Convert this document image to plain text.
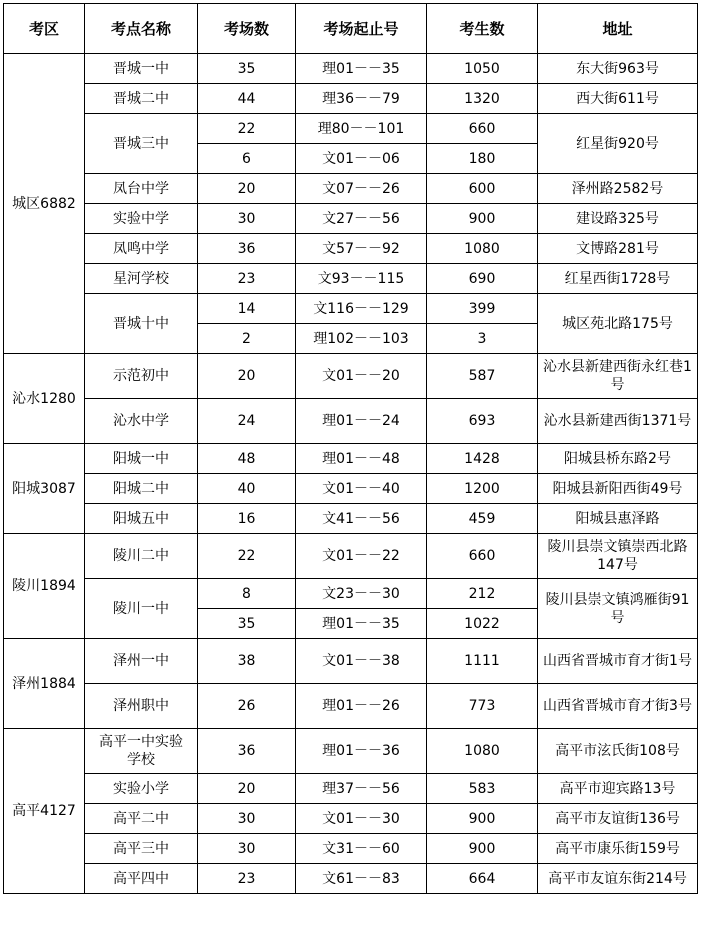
考区	考点名称	考场数	考场起止号	考生数	地址
城区6882	晋城一中	35	理01－－35	1050	东大街963号
	晋城二中	44	理36－－79	1320	西大街611号
	晋城三中	22	理80－－101	660	红星街920号
		6	文01－－06	180	
	凤台中学	20	文07－－26	600	泽州路2582号
	实验中学	30	文27－－56	900	建设路325号
	凤鸣中学	36	文57－－92	1080	文博路281号
	星河学校	23	文93－－115	690	红星西街1728号
	晋城十中	14	文116－－129	399	城区苑北路175号
		2	理102－－103	3	
沁水1280	示范初中	20	文01－－20	587	沁水县新建西街永红巷1号
	沁水中学	24	理01－－24	693	沁水县新建西街1371号
阳城3087	阳城一中	48	理01－－48	1428	阳城县桥东路2号
	阳城二中	40	文01－－40	1200	阳城县新阳西街49号
	阳城五中	16	文41－－56	459	阳城县惠泽路
陵川1894	陵川二中	22	文01－－22	660	陵川县崇文镇崇西北路147号
	陵川一中	8	文23－－30	212	陵川县崇文镇鸿雁街91号
		35	理01－－35	1022	
泽州1884	泽州一中	38	文01－－38	1111	山西省晋城市育才街1号
	泽州职中	26	理01－－26	773	山西省晋城市育才街3号
高平4127	高平一中实验学校	36	理01－－36	1080	高平市泫氏街108号
	实验小学	20	理37－－56	583	高平市迎宾路13号
	高平二中	30	文01－－30	900	高平市友谊街136号
	高平三中	30	文31－－60	900	高平市康乐街159号
	高平四中	23	文61－－83	664	高平市友谊东街214号
